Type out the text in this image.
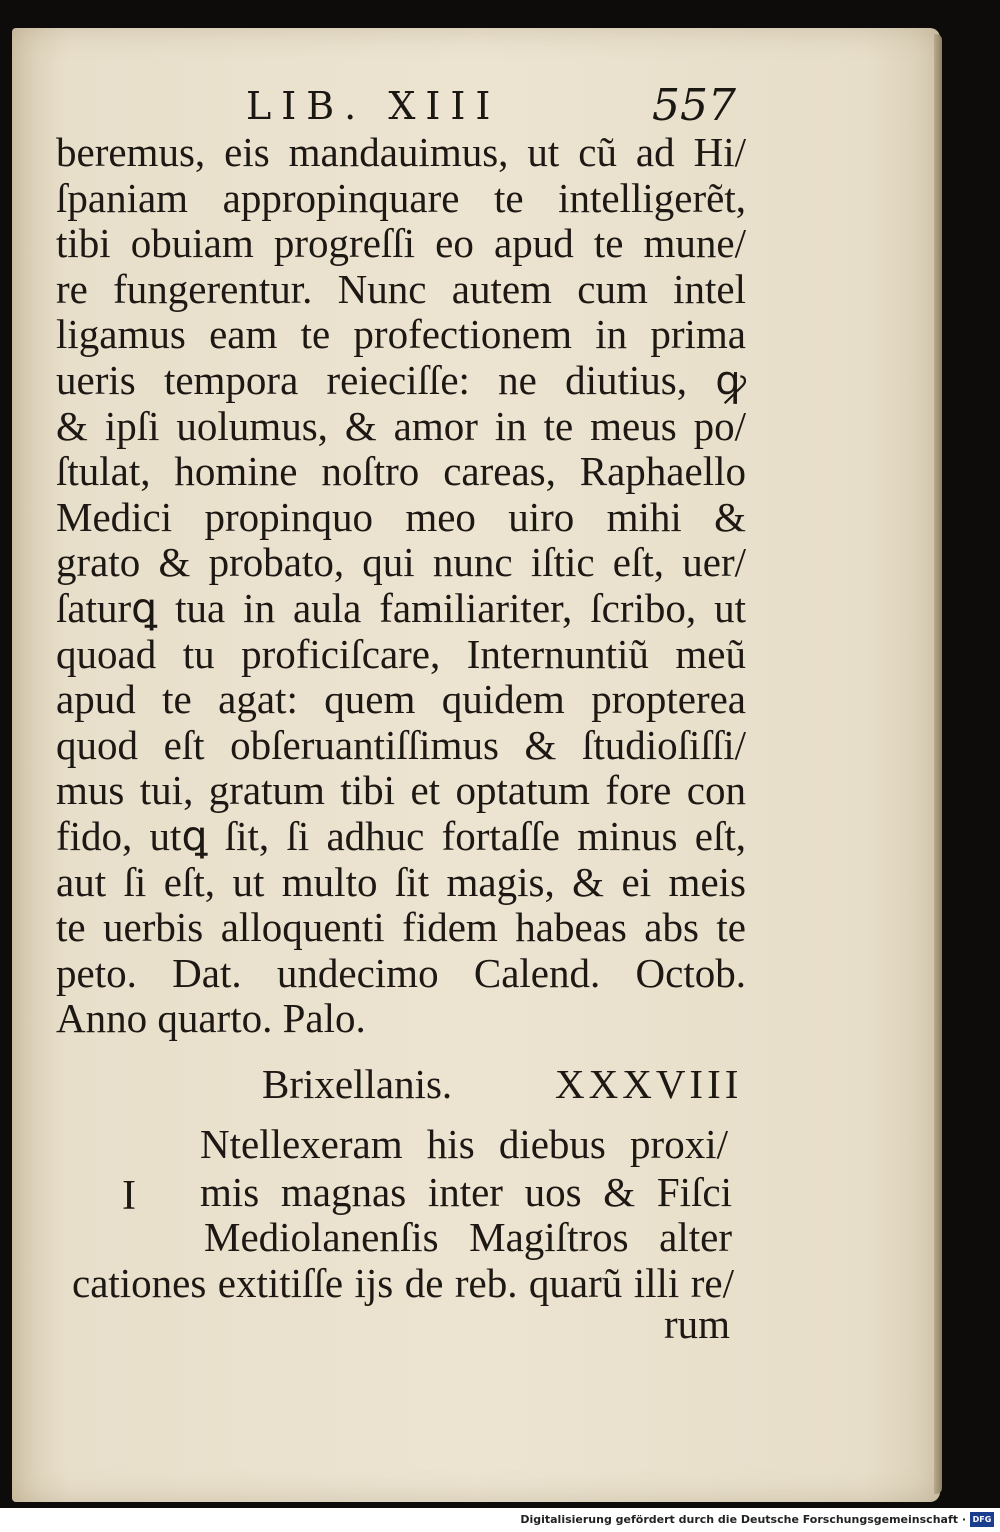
LIB. XIII	557
beremus, eis mandauimus, ut cũ ad Hi/
ſpaniam appropinquare te intelligerẽt,
tibi obuiam progreſſi eo apud te mune/
re fungerentur. Nunc autem cum intel
ligamus eam te profectionem in prima
ueris tempora reieciſſe: ne diutius, ꝙ
& ipſi uolumus, & amor in te meus po/
ſtulat, homine noſtro careas, Raphaello
Medici propinquo meo uiro mihi &
grato & probato, qui nunc iſtic eſt, uer/
ſaturꝗ tua in aula familiariter, ſcribo, ut
quoad tu proficiſcare, Internuntiũ meũ
apud te agat: quem quidem propterea
quod eſt obſeruantiſſimus & ſtudioſiſſi/
mus tui, gratum tibi et optatum fore con
fido, utꝗ ſit, ſi adhuc fortaſſe minus eſt,
aut ſi eſt, ut multo ſit magis, & ei meis
te uerbis alloquenti fidem habeas abs te
peto. Dat. undecimo Calend. Octob.
Anno quarto. Palo.
Brixellanis.	XXXVIII
I
Ntellexeram his diebus proxi/
mis magnas inter uos & Fiſci
Mediolanenſis Magiſtros alter
cationes extitiſſe ijs de reb. quarũ illi re/
rum
Digitalisierung gefördert durch die Deutsche Forschungsgemeinschaft · DFG
